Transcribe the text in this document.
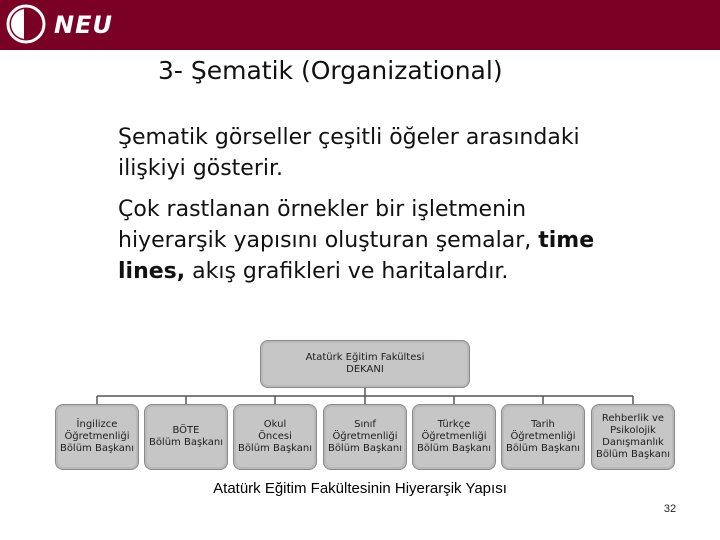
NEU
3- Şematik (Organizational)

Şematik görseller çeşitli öğeler arasındaki ilişkiyi gösterir.

Çok rastlanan örnekler bir işletmenin hiyerarşik yapısını oluşturan şemalar, time lines, akış grafikleri ve haritalardır.

Atatürk Eğitim Fakültesi
DEKANI
İngilizce
Öğretmenliği
Bölüm Başkanı
BÖTE
Bölüm Başkanı
Okul
Öncesi
Bölüm Başkanı
Sınıf
Öğretmenliği
Bölüm Başkanı
Türkçe
Öğretmenliği
Bölüm Başkanı
Tarih
Öğretmenliği
Bölüm Başkanı
Rehberlik ve
Psikolojik
Danışmanlık
Bölüm Başkanı
Atatürk Eğitim Fakültesinin Hiyerarşik Yapısı
32
